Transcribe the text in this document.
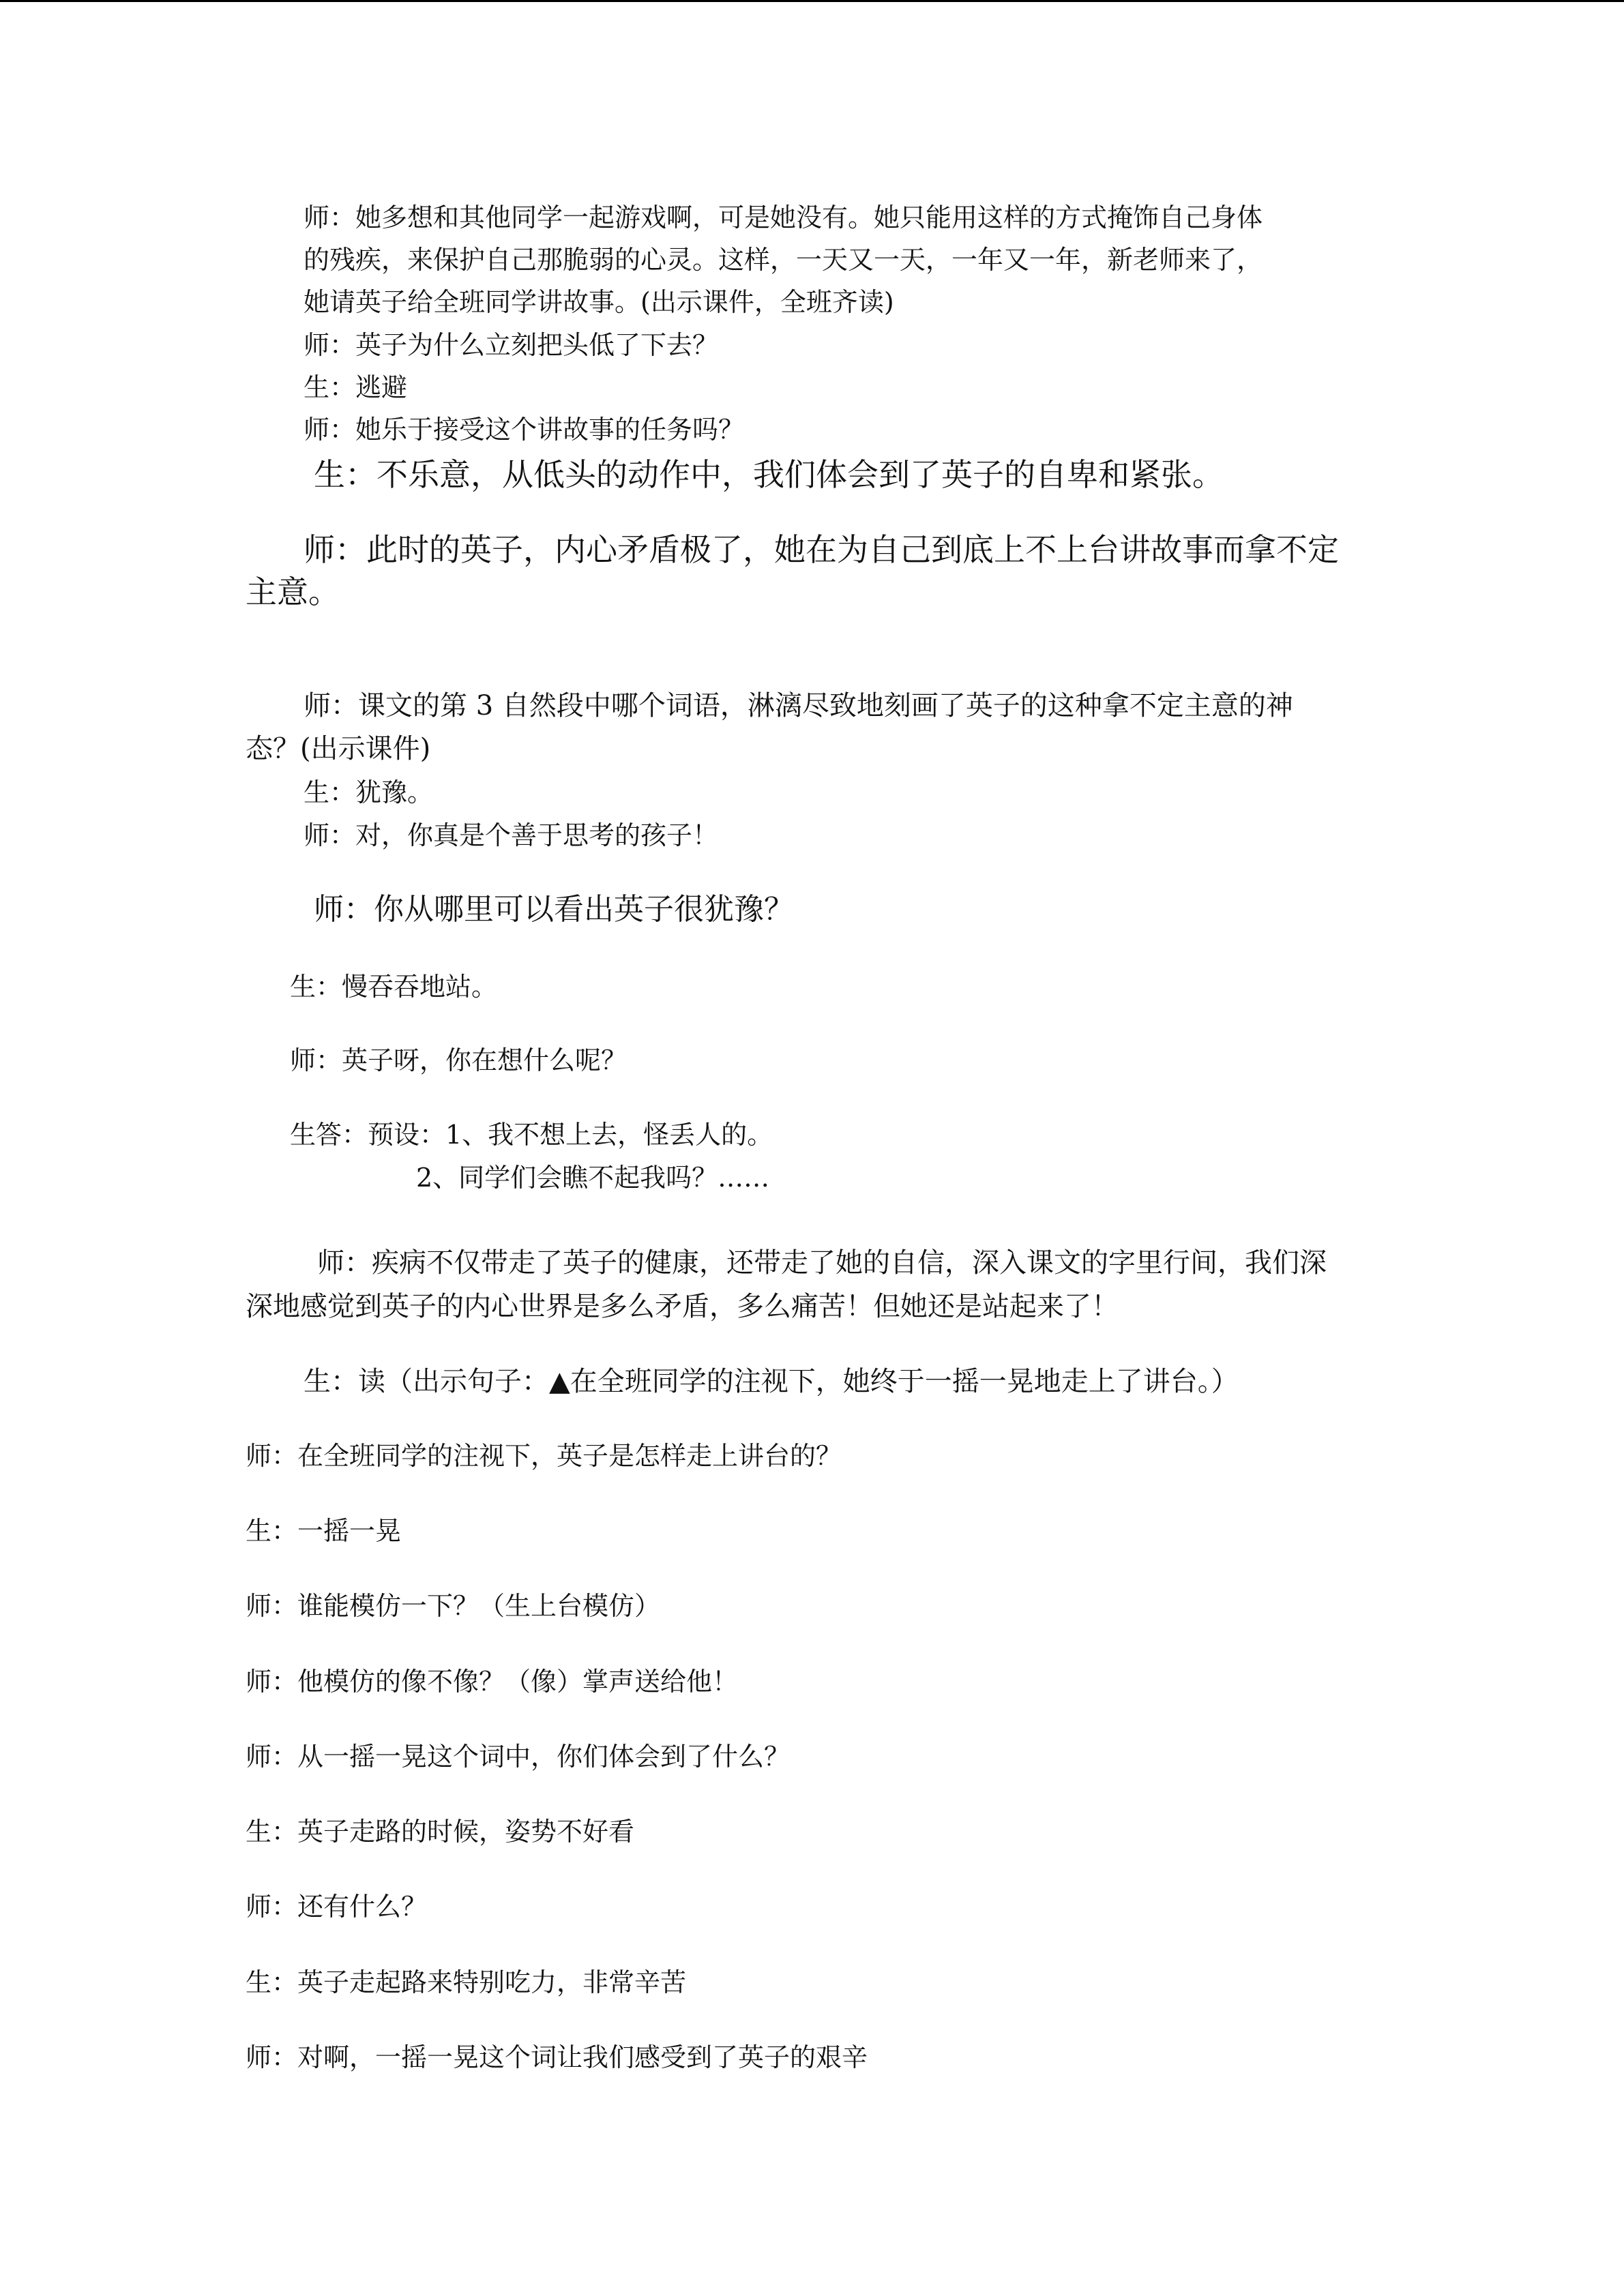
师：她多想和其他同学一起游戏啊，可是她没有。她只能用这样的方式掩饰自己身体
的残疾，来保护自己那脆弱的心灵。这样，一天又一天，一年又一年，新老师来了，
她请英子给全班同学讲故事。(出示课件，全班齐读)
师：英子为什么立刻把头低了下去？
生：逃避
师：她乐于接受这个讲故事的任务吗？
生：不乐意，从低头的动作中，我们体会到了英子的自卑和紧张。
师：此时的英子，内心矛盾极了，她在为自己到底上不上台讲故事而拿不定
主意。
师：课文的第 3 自然段中哪个词语，淋漓尽致地刻画了英子的这种拿不定主意的神
态？(出示课件)
生：犹豫。
师：对，你真是个善于思考的孩子！
师：你从哪里可以看出英子很犹豫？
生：慢吞吞地站。
师：英子呀，你在想什么呢？
生答：预设：1、我不想上去，怪丢人的。
2、同学们会瞧不起我吗？……
师：疾病不仅带走了英子的健康，还带走了她的自信，深入课文的字里行间，我们深
深地感觉到英子的内心世界是多么矛盾，多么痛苦！但她还是站起来了！
生：读（出示句子：▲在全班同学的注视下，她终于一摇一晃地走上了讲台。）
师：在全班同学的注视下，英子是怎样走上讲台的？
生：一摇一晃
师：谁能模仿一下？（生上台模仿）
师：他模仿的像不像？（像）掌声送给他！
师：从一摇一晃这个词中，你们体会到了什么？
生：英子走路的时候，姿势不好看
师：还有什么？
生：英子走起路来特别吃力，非常辛苦
师：对啊，一摇一晃这个词让我们感受到了英子的艰辛
